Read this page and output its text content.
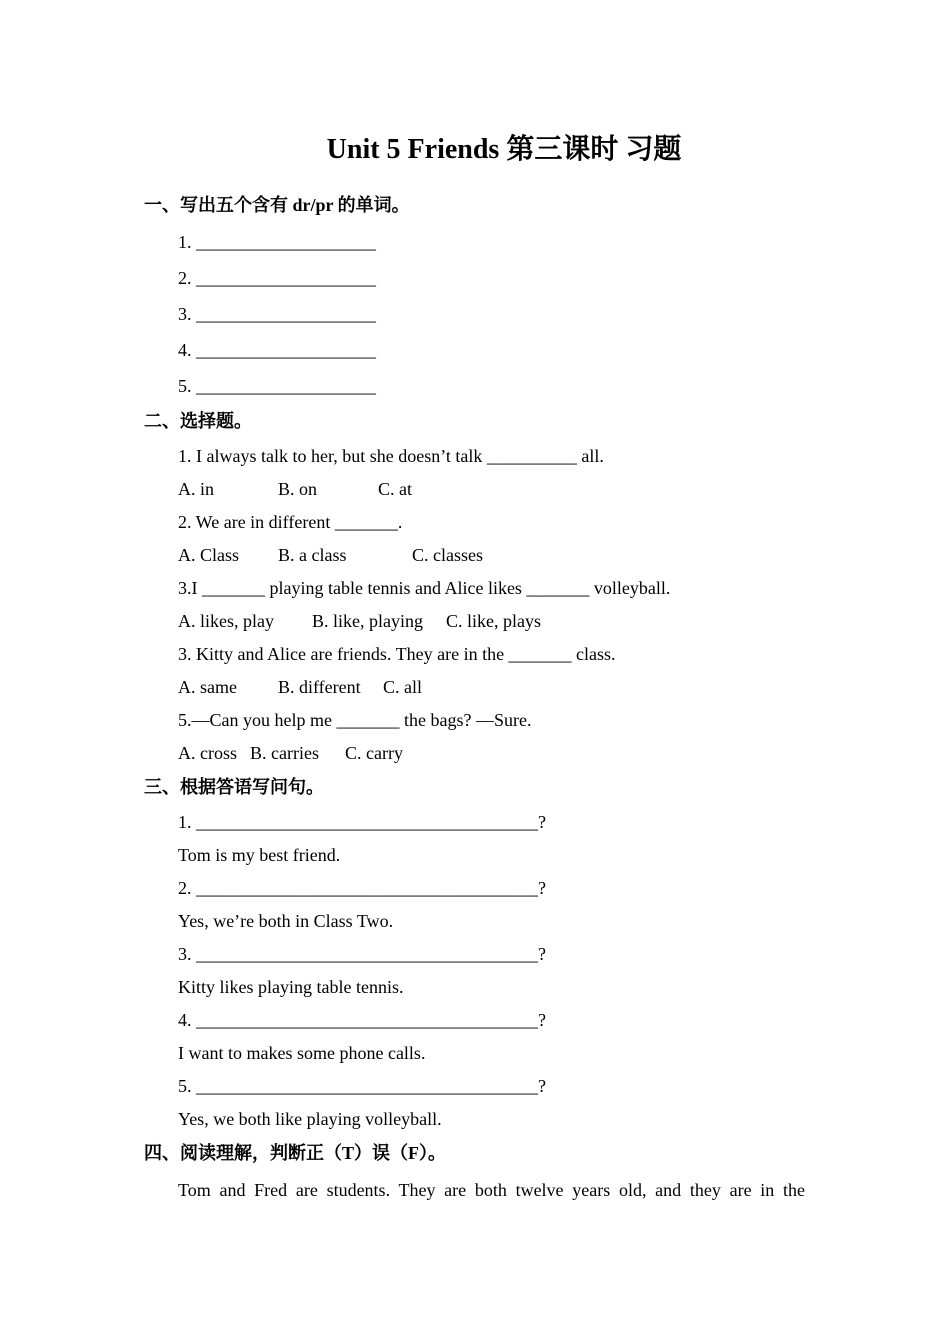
Unit 5 Friends 第三课时 习题
一、写出五个含有 dr/pr 的单词。
1. ____________________
2. ____________________
3. ____________________
4. ____________________
5. ____________________
二、选择题。
1. I always talk to her, but she doesn’t talk __________ all.
A. in	B. on	C. at
2. We are in different _______.
A. Class B. a class	C. classes
3.I _______ playing table tennis and Alice likes _______ volleyball.
A. likes, play B. like, playing C. like, plays
3. Kitty and Alice are friends. They are in the _______ class.
A. same B. different C. all
5.—Can you help me _______ the bags? —Sure.
A. cross B. carries C. carry
三、根据答语写问句。
1. ______________________________________?
Tom is my best friend.
2. ______________________________________?
Yes, we’re both in Class Two.
3. ______________________________________?
Kitty likes playing table tennis.
4. ______________________________________?
I want to makes some phone calls.
5. ______________________________________?
Yes, we both like playing volleyball.
四、阅读理解，判断正（T）误（F）。
Tom and Fred are students. They are both twelve years old, and they are in the
